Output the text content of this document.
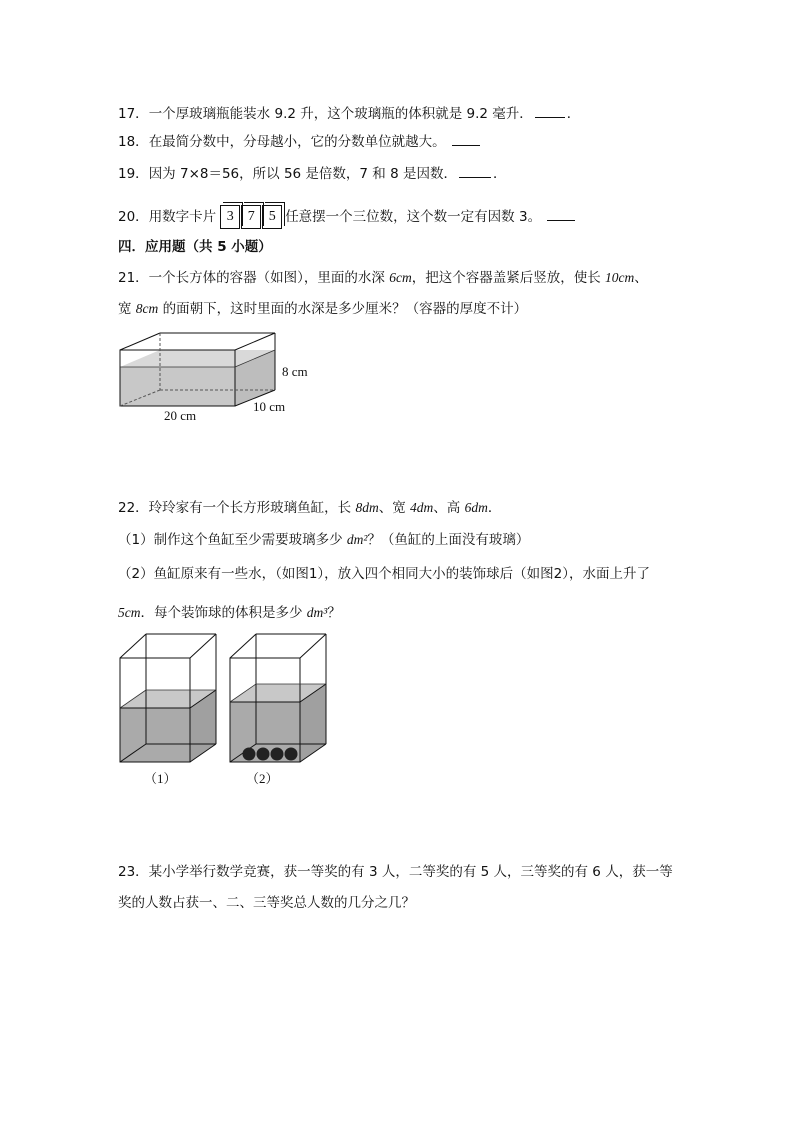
17．一个厚玻璃瓶能装水 9.2 升，这个玻璃瓶的体积就是 9.2 毫升．	．
18．在最简分数中，分母越小，它的分数单位就越大。
19．因为 7×8＝56，所以 56 是倍数，7 和 8 是因数．	．
20．用数字卡片 3 7 5 任意摆一个三位数，这个数一定有因数 3。
四．应用题（共 5 小题）
21．一个长方体的容器（如图），里面的水深 6cm，把这个容器盖紧后竖放，使长 10cm、
宽 8cm 的面朝下，这时里面的水深是多少厘米？（容器的厚度不计）
8 cm
10 cm
20 cm
22．玲玲家有一个长方形玻璃鱼缸，长 8dm、宽 4dm、高 6dm．
（1）制作这个鱼缸至少需要玻璃多少 dm²？（鱼缸的上面没有玻璃）
（2）鱼缸原来有一些水，（如图1），放入四个相同大小的装饰球后（如图2），水面上升了
5cm．每个装饰球的体积是多少 dm³？
（1）	（2）
23．某小学举行数学竞赛，获一等奖的有 3 人，二等奖的有 5 人，三等奖的有 6 人，获一等
奖的人数占获一、二、三等奖总人数的几分之几？
